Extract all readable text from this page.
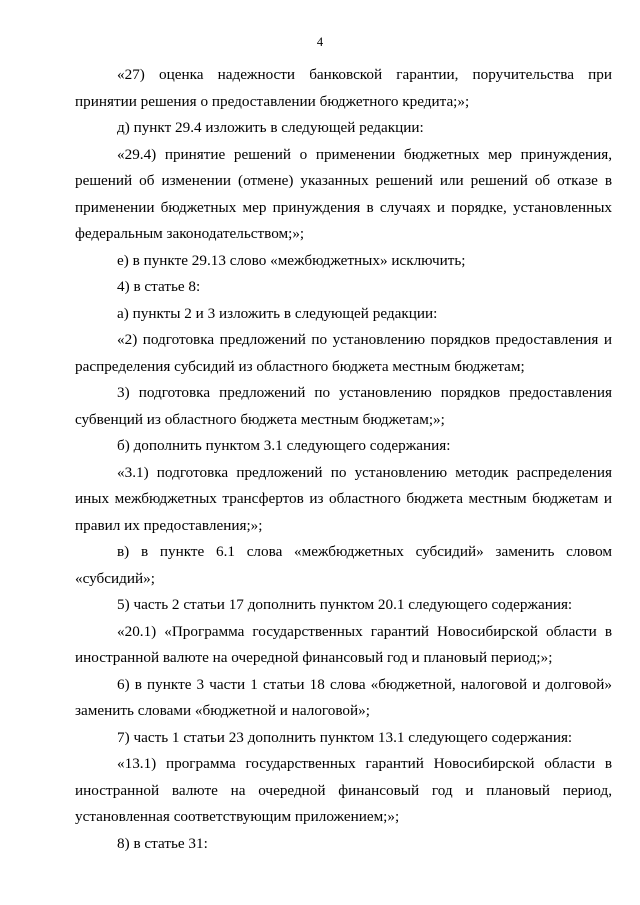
4

«27) оценка надежности банковской гарантии, поручительства при принятии решения о предоставлении бюджетного кредита;»;

д) пункт 29.4 изложить в следующей редакции:

«29.4) принятие решений о применении бюджетных мер принуждения, решений об изменении (отмене) указанных решений или решений об отказе в применении бюджетных мер принуждения в случаях и порядке, установленных федеральным законодательством;»;

е) в пункте 29.13 слово «межбюджетных» исключить;

4) в статье 8:

а) пункты 2 и 3 изложить в следующей редакции:

«2) подготовка предложений по установлению порядков предоставления и распределения субсидий из областного бюджета местным бюджетам;

3) подготовка предложений по установлению порядков предоставления субвенций из областного бюджета местным бюджетам;»;

б) дополнить пунктом 3.1 следующего содержания:

«3.1) подготовка предложений по установлению методик распределения иных межбюджетных трансфертов из областного бюджета местным бюджетам и правил их предоставления;»;

в) в пункте 6.1 слова «межбюджетных субсидий» заменить словом «субсидий»;

5) часть 2 статьи 17 дополнить пунктом 20.1 следующего содержания:

«20.1) «Программа государственных гарантий Новосибирской области в иностранной валюте на очередной финансовый год и плановый период;»;

6) в пункте 3 части 1 статьи 18 слова «бюджетной, налоговой и долговой» заменить словами «бюджетной и налоговой»;

7) часть 1 статьи 23 дополнить пунктом 13.1 следующего содержания:

«13.1) программа государственных гарантий Новосибирской области в иностранной валюте на очередной финансовый год и плановый период, установленная соответствующим приложением;»;

8) в статье 31:
